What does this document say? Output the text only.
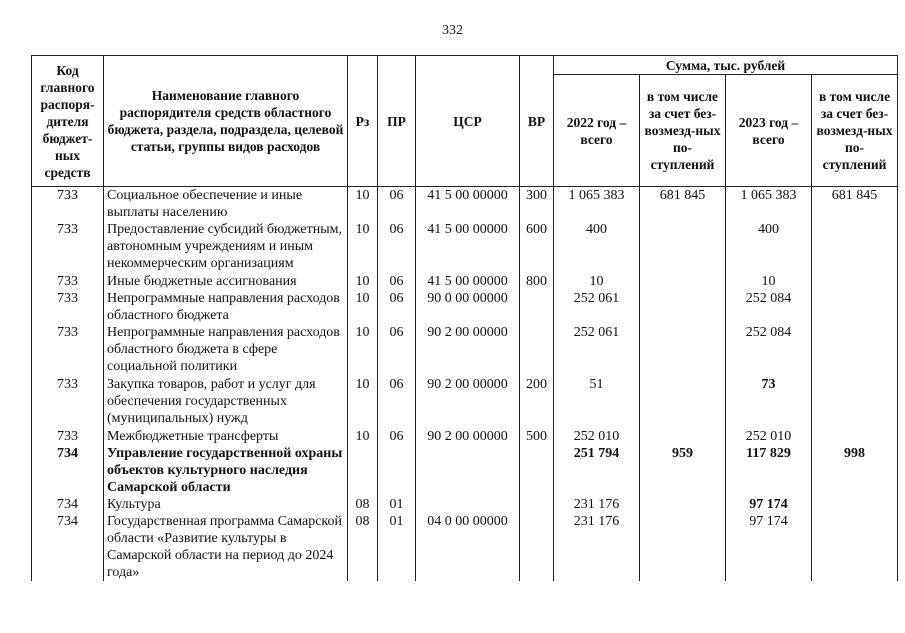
332
Код главного распоря-дителя бюджет-ных средств	Наименование главного распорядителя средств областного бюджета, раздела, подраздела, целевой статьи, группы видов расходов	Рз	ПР	ЦСР	ВР	Сумма, тыс. рублей			
						2022 год – всего	в том числе за счет без-возмезд-ных по-ступлений	2023 год – всего	в том числе за счет без-возмезд-ных по-ступлений
733	Социальное обеспечение и иные выплаты населению	10	06	41 5 00 00000	300	1 065 383	681 845	1 065 383	681 845
733	Предоставление субсидий бюджетным, автономным учреждениям и иным некоммерческим организациям	10	06	41 5 00 00000	600	400		400	
733	Иные бюджетные ассигнования	10	06	41 5 00 00000	800	10		10	
733	Непрограммные направления расходов областного бюджета	10	06	90 0 00 00000		252 061		252 084	
733	Непрограммные направления расходов областного бюджета в сфере социальной политики	10	06	90 2 00 00000		252 061		252 084	
733	Закупка товаров, работ и услуг для обеспечения государственных (муниципальных) нужд	10	06	90 2 00 00000	200	51		73	
733	Межбюджетные трансферты	10	06	90 2 00 00000	500	252 010		252 010	
734	Управление государственной охраны объектов культурного наследия Самарской области					251 794	959	117 829	998
734	Культура	08	01			231 176		97 174	
734	Государственная программа Самарской области «Развитие культуры в Самарской области на период до 2024 года»	08	01	04 0 00 00000		231 176		97 174	
